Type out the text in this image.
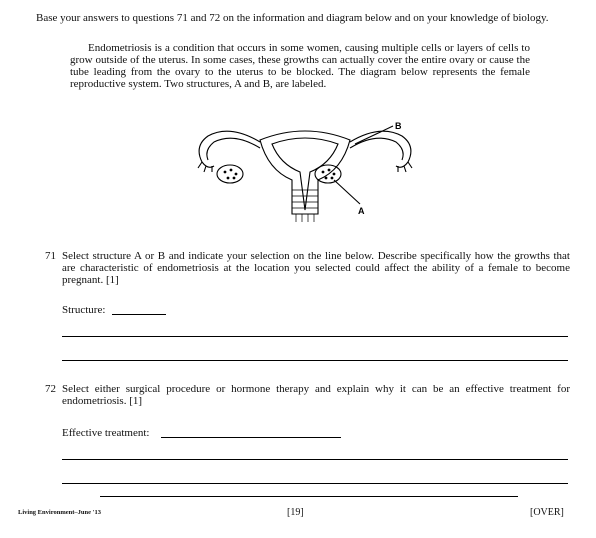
Base your answers to questions 71 and 72 on the information and diagram below and on your knowledge of biology.
Endometriosis is a condition that occurs in some women, causing multiple cells or layers of cells to grow outside of the uterus. In some cases, these growths can actually cover the entire ovary or cause the tube leading from the ovary to the uterus to be blocked. The diagram below represents the female reproductive system. Two structures, A and B, are labeled.
B
A
71 Select structure A or B and indicate your selection on the line below. Describe specifically how the growths that are characteristic of endometriosis at the location you selected could affect the ability of a female to become pregnant. [1]
Structure:
72 Select either surgical procedure or hormone therapy and explain why it can be an effective treatment for endometriosis. [1]
Effective treatment:
Living Environment–June '13	[19]	[OVER]
